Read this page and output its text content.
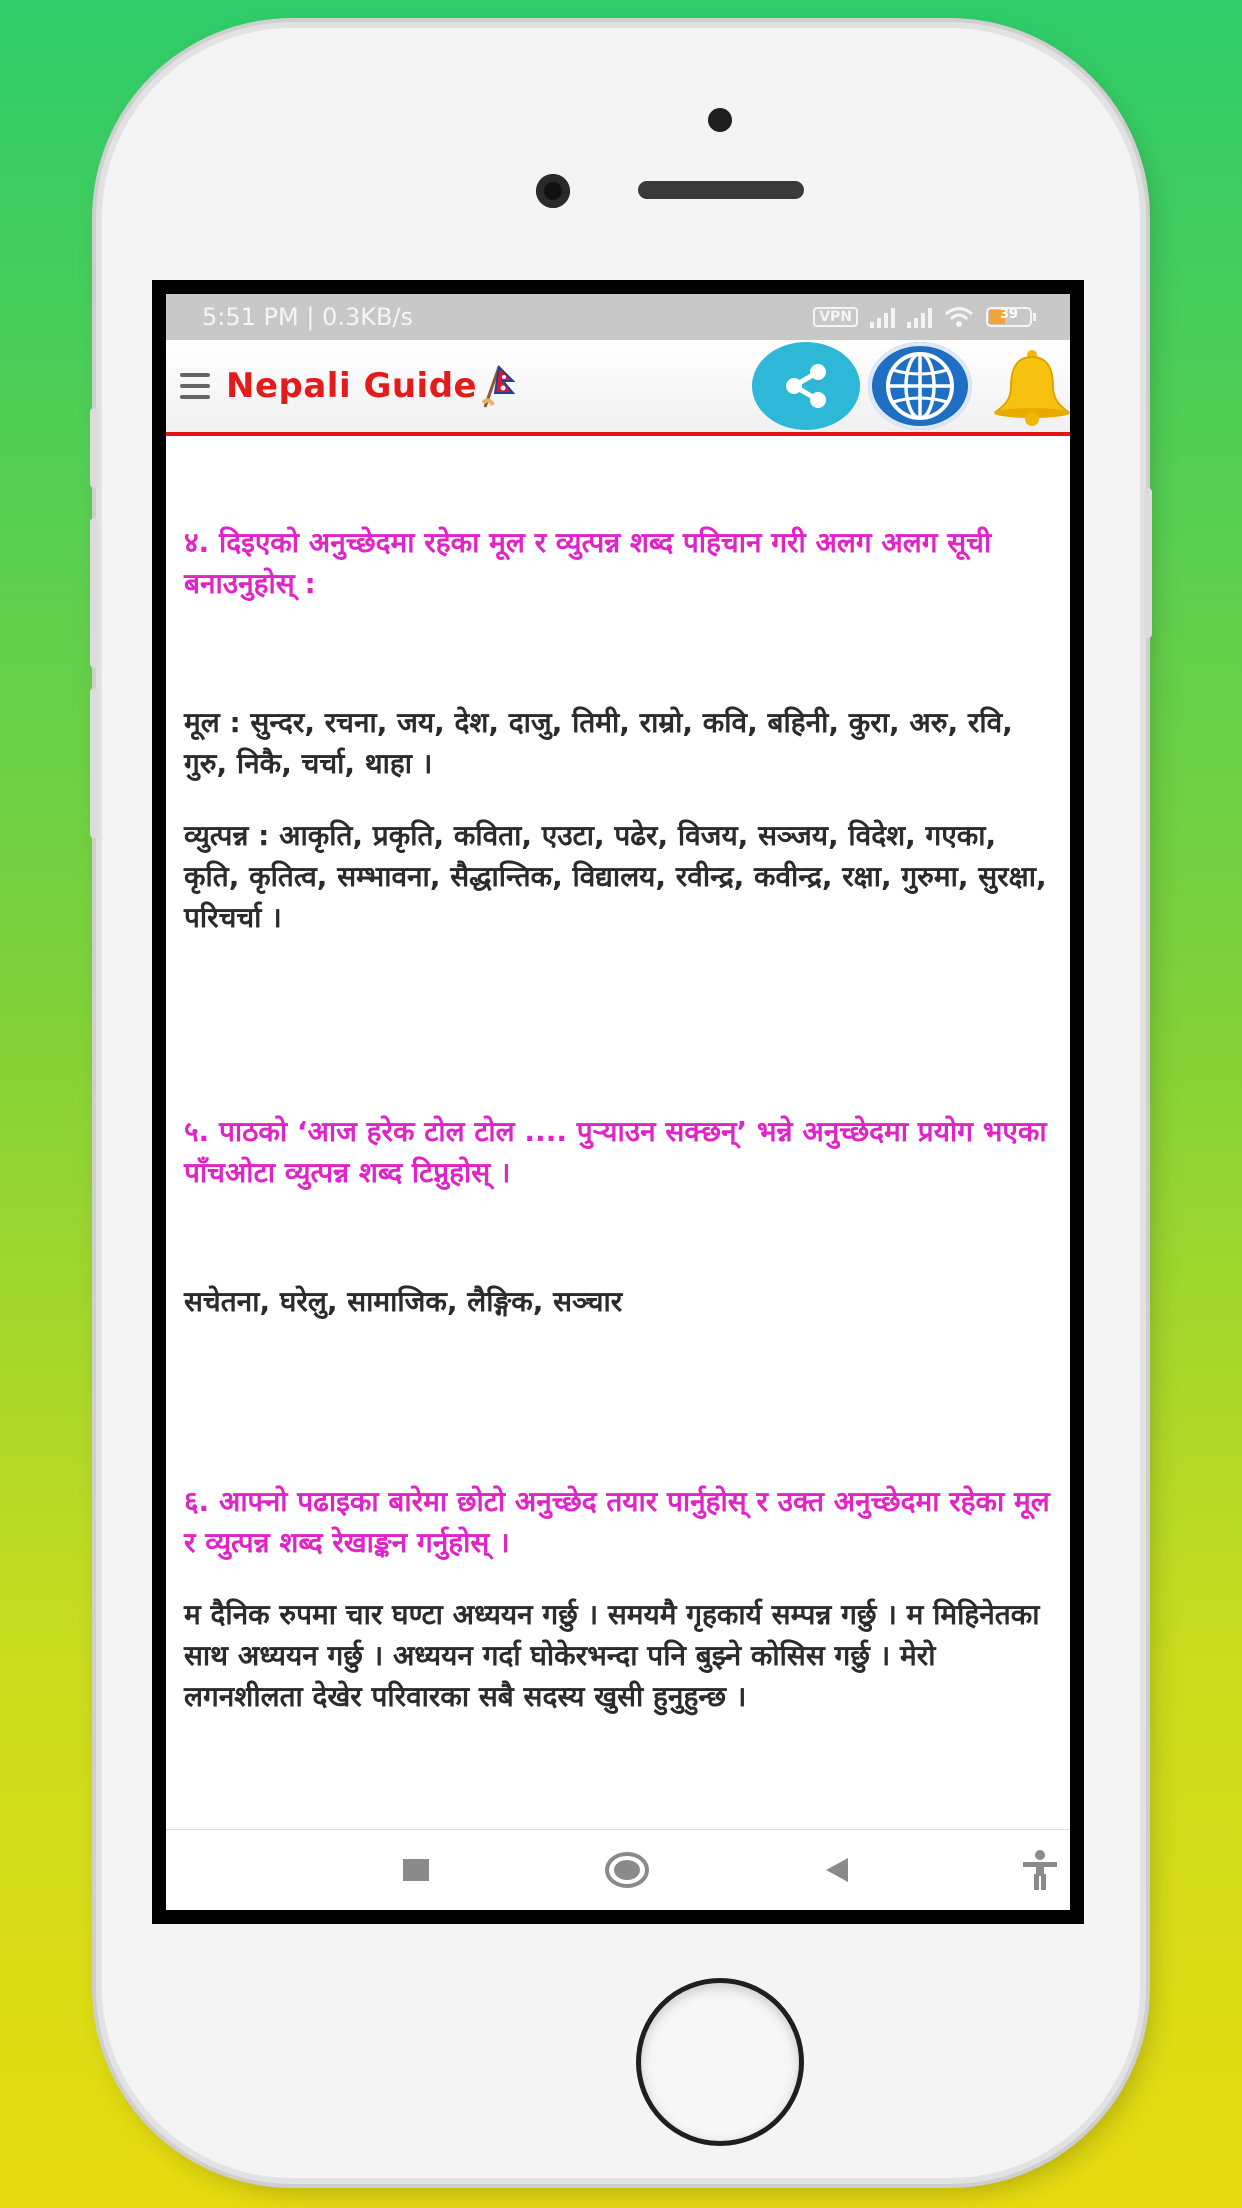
5:51 PM | 0.3KB/s	VPN	39
Nepali Guide

४. दिइएको अनुच्छेदमा रहेका मूल र व्युत्पन्न शब्द पहिचान गरी अलग अलग सूची बनाउनुहोस् :

मूल : सुन्दर, रचना, जय, देश, दाजु, तिमी, राम्रो, कवि, बहिनी, कुरा, अरु, रवि, गुरु, निकै, चर्चा, थाहा ।

व्युत्पन्न : आकृति, प्रकृति, कविता, एउटा, पढेर, विजय, सञ्जय, विदेश, गएका, कृति, कृतित्व, सम्भावना, सैद्धान्तिक, विद्यालय, रवीन्द्र, कवीन्द्र, रक्षा, गुरुमा, सुरक्षा, परिचर्चा ।

५. पाठको ‘आज हरेक टोल टोल .... पुऱ्याउन सक्छन्’ भन्ने अनुच्छेदमा प्रयोग भएका पाँचओटा व्युत्पन्न शब्द टिप्नुहोस् ।

सचेतना, घरेलु, सामाजिक, लैङ्गिक, सञ्चार

६. आफ्नो पढाइका बारेमा छोटो अनुच्छेद तयार पार्नुहोस् र उक्त अनुच्छेदमा रहेका मूल र व्युत्पन्न शब्द रेखाङ्कन गर्नुहोस् ।

म दैनिक रुपमा चार घण्टा अध्ययन गर्छु । समयमै गृहकार्य सम्पन्न गर्छु । म मिहिनेतका साथ अध्ययन गर्छु । अध्ययन गर्दा घोकेरभन्दा पनि बुझ्ने कोसिस गर्छु । मेरो लगनशीलता देखेर परिवारका सबै सदस्य खुसी हुनुहुन्छ ।
